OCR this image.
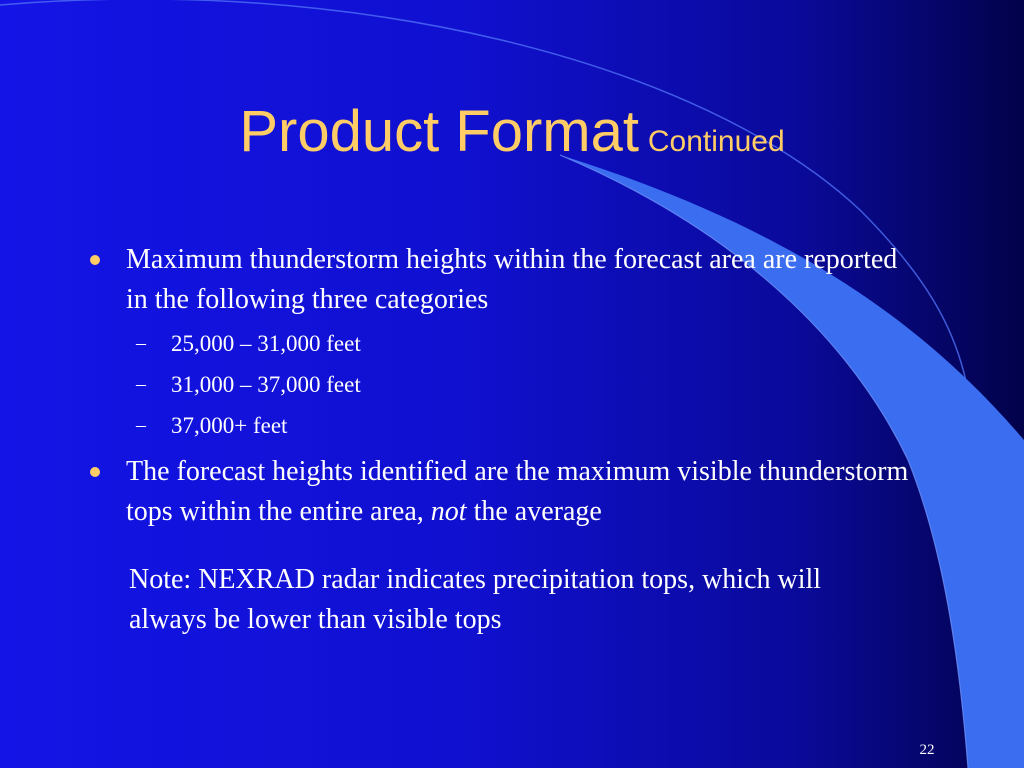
Product Format Continued

Maximum thunderstorm heights within the forecast area are reported in the following three categories

– 25,000 – 31,000 feet

– 31,000 – 37,000 feet

– 37,000+ feet

The forecast heights identified are the maximum visible thunderstorm tops within the entire area, not the average

Note: NEXRAD radar indicates precipitation tops, which will always be lower than visible tops

22
